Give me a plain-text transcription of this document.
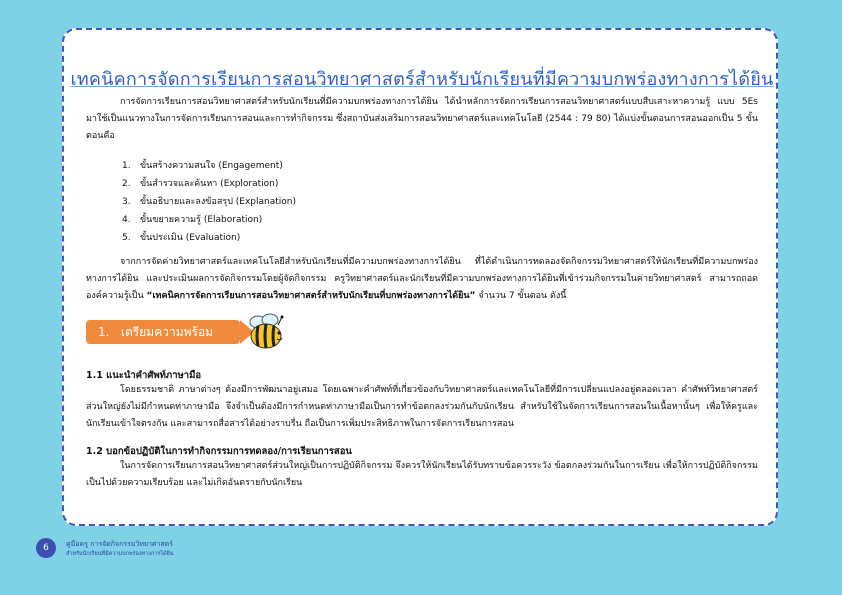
เทคนิคการจัดการเรียนการสอนวิทยาศาสตร์สำหรับนักเรียนที่มีความบกพร่องทางการได้ยิน

การจัดการเรียนการสอนวิทยาศาสตร์สำหรับนักเรียนที่มีความบกพร่องทางการได้ยิน ได้นำหลักการจัดการเรียนการสอนวิทยาศาสตร์แบบสืบเสาะหาความรู้ แบบ 5Es มาใช้เป็นแนวทางในการจัดการเรียนการสอนและการทำกิจกรรม ซึ่งสถาบันส่งเสริมการสอนวิทยาศาสตร์และเทคโนโลยี (2544 : 79 80) ได้แบ่งขั้นตอนการสอนออกเป็น 5 ขั้นตอนคือ

1. ขั้นสร้างความสนใจ (Engagement)
2. ขั้นสำรวจและค้นหา (Exploration)
3. ขั้นอธิบายและลงข้อสรุป (Explanation)
4. ขั้นขยายความรู้ (Elaboration)
5. ขั้นประเมิน (Evaluation)

จากการจัดค่ายวิทยาศาสตร์และเทคโนโลยีสำหรับนักเรียนที่มีความบกพร่องทางการได้ยิน ที่ได้ดำเนินการทดลองจัดกิจกรรมวิทยาศาสตร์ให้นักเรียนที่มีความบกพร่องทางการได้ยิน และประเมินผลการจัดกิจกรรมโดยผู้จัดกิจกรรม ครูวิทยาศาสตร์และนักเรียนที่มีความบกพร่องทางการได้ยินที่เข้าร่วมกิจกรรมในค่ายวิทยาศาสตร์ สามารถถอดองค์ความรู้เป็น “เทคนิคการจัดการเรียนการสอนวิทยาศาสตร์สำหรับนักเรียนที่บกพร่องทางการได้ยิน” จำนวน 7 ขั้นตอน ดังนี้

1. เตรียมความพร้อม
1.1 แนะนำคำศัพท์ภาษามือ

โดยธรรมชาติ ภาษาต่างๆ ต้องมีการพัฒนาอยู่เสมอ โดยเฉพาะคำศัพท์ที่เกี่ยวข้องกับวิทยาศาสตร์และเทคโนโลยีที่มีการเปลี่ยนแปลงอยู่ตลอดเวลา คำศัพท์วิทยาศาสตร์ส่วนใหญ่ยังไม่มีกำหนดท่าภาษามือ จึงจำเป็นต้องมีการกำหนดท่าภาษามือเป็นการทำข้อตกลงร่วมกันกับนักเรียน สำหรับใช้ในจัดการเรียนการสอนในเนื้อหานั้นๆ เพื่อให้ครูและนักเรียนเข้าใจตรงกัน และสามารถสื่อสารได้อย่างราบรื่น ถือเป็นการเพิ่มประสิทธิภาพในการจัดการเรียนการสอน

1.2 บอกข้อปฏิบัติในการทำกิจกรรมการทดลอง/การเรียนการสอน

ในการจัดการเรียนการสอนวิทยาศาสตร์ส่วนใหญ่เป็นการปฏิบัติกิจกรรม จึงควรให้นักเรียนได้รับทราบข้อควรระวัง ข้อตกลงร่วมกันในการเรียน เพื่อให้การปฏิบัติกิจกรรมเป็นไปด้วยความเรียบร้อย และไม่เกิดอันตรายกับนักเรียน

6	คู่มือครู การจัดกิจกรรมวิทยาศาสตร์
สำหรับนักเรียนที่มีความบกพร่องทางการได้ยิน
